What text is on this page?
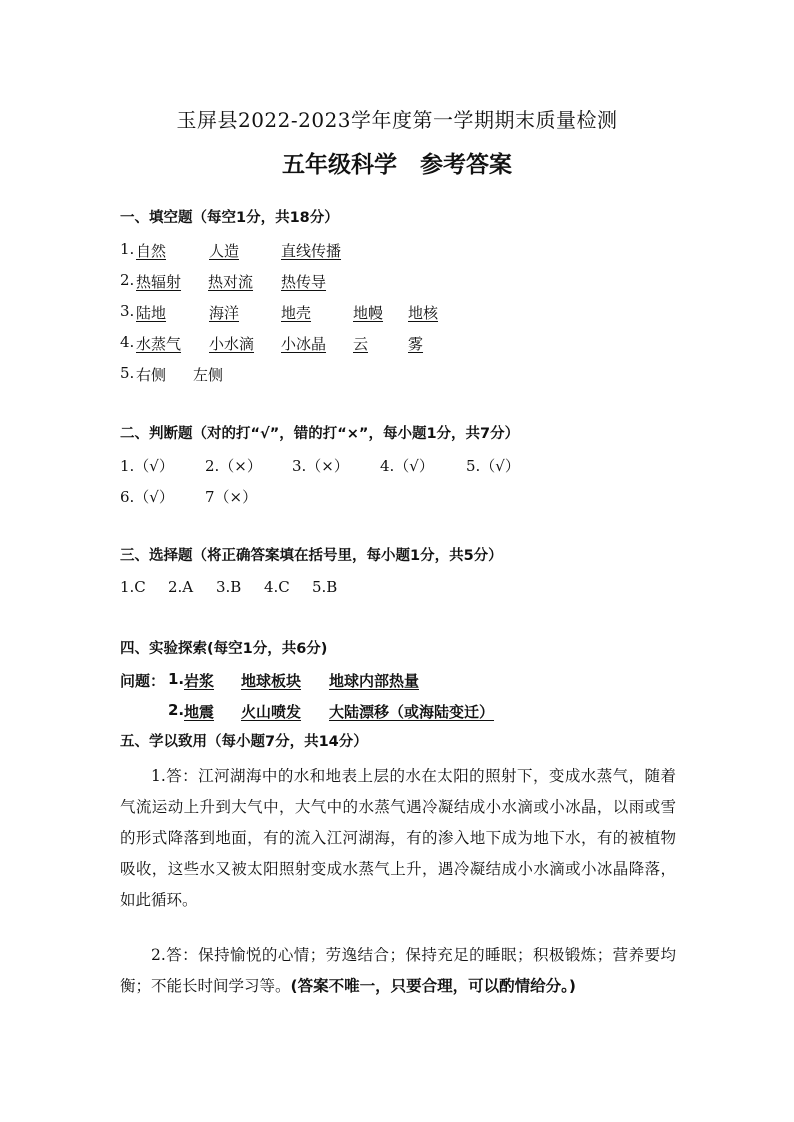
玉屏县2022-2023学年度第一学期期末质量检测
五年级科学　参考答案
一、填空题（每空1分，共18分）
1. 自然	人造	直线传播
2. 热辐射	热对流 热传导
3. 陆地	海洋	地壳	地幔 地核
4. 水蒸气 小水滴 小冰晶 云	雾
5. 右侧 左侧
二、判断题（对的打“√”，错的打“×”，每小题1分，共7分）
1.（√） 2.（×） 3.（×） 4.（√） 5.（√）
6.（√） 7（×）
三、选择题（将正确答案填在括号里，每小题1分，共5分）
1.C 2.A 3.B 4.C 5.B
四、实验探索(每空1分，共6分)
问题： 1. 岩浆 地球板块	地球内部热量
2. 地震 火山喷发 大陆漂移（或海陆变迁）
五、学以致用（每小题7分，共14分）
1.答：江河湖海中的水和地表上层的水在太阳的照射下，变成水蒸气，随着气流运动上升到大气中，大气中的水蒸气遇冷凝结成小水滴或小冰晶，以雨或雪的形式降落到地面，有的流入江河湖海，有的渗入地下成为地下水，有的被植物吸收，这些水又被太阳照射变成水蒸气上升，遇冷凝结成小水滴或小冰晶降落，如此循环。
2.答：保持愉悦的心情；劳逸结合；保持充足的睡眠；积极锻炼；营养要均衡；不能长时间学习等。(答案不唯一，只要合理，可以酌情给分。)
